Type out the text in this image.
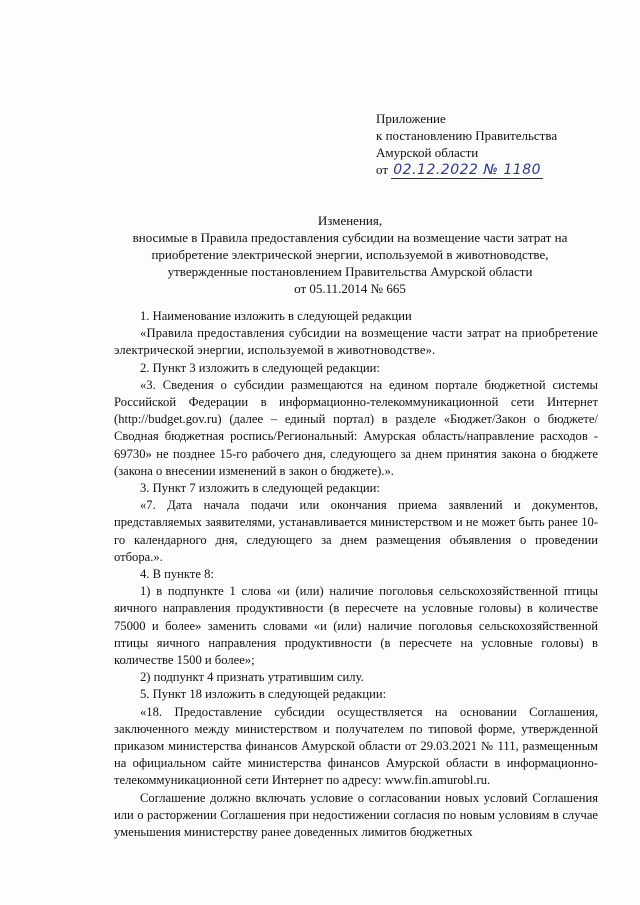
Приложение
к постановлению Правительства
Амурской области
от 02.12.2022 № 1180
Изменения,
вносимые в Правила предоставления субсидии на возмещение части затрат на
приобретение электрической энергии, используемой в животноводстве,
утвержденные постановлением Правительства Амурской области
от 05.11.2014 № 665

1. Наименование изложить в следующей редакции

«Правила предоставления субсидии на возмещение части затрат на приобретение электрической энергии, используемой в животноводстве».

2. Пункт 3 изложить в следующей редакции:

«3. Сведения о субсидии размещаются на едином портале бюджетной системы Российской Федерации в информационно-телекоммуникационной сети Интернет (http://budget.gov.ru) (далее – единый портал) в разделе «Бюджет/Закон о бюджете/Сводная бюджетная роспись/Региональный: Амурская область/направление расходов - 69730» не позднее 15-го рабочего дня, следующего за днем принятия закона о бюджете (закона о внесении изменений в закон о бюджете).».

3. Пункт 7 изложить в следующей редакции:

«7. Дата начала подачи или окончания приема заявлений и документов, представляемых заявителями, устанавливается министерством и не может быть ранее 10-го календарного дня, следующего за днем размещения объявления о проведении отбора.».

4. В пункте 8:

1) в подпункте 1 слова «и (или) наличие поголовья сельскохозяйственной птицы яичного направления продуктивности (в пересчете на условные головы) в количестве 75000 и более» заменить словами «и (или) наличие поголовья сельскохозяйственной птицы яичного направления продуктивности (в пересчете на условные головы) в количестве 1500 и более»;

2) подпункт 4 признать утратившим силу.

5. Пункт 18 изложить в следующей редакции:

«18. Предоставление субсидии осуществляется на основании Соглашения, заключенного между министерством и получателем по типовой форме, утвержденной приказом министерства финансов Амурской области от 29.03.2021 № 111, размещенным на официальном сайте министерства финансов Амурской области в информационно-телекоммуникационной сети Интернет по адресу: www.fin.amurobl.ru.

Соглашение должно включать условие о согласовании новых условий Соглашения или о расторжении Соглашения при недостижении согласия по новым условиям в случае уменьшения министерству ранее доведенных лимитов бюджетных
